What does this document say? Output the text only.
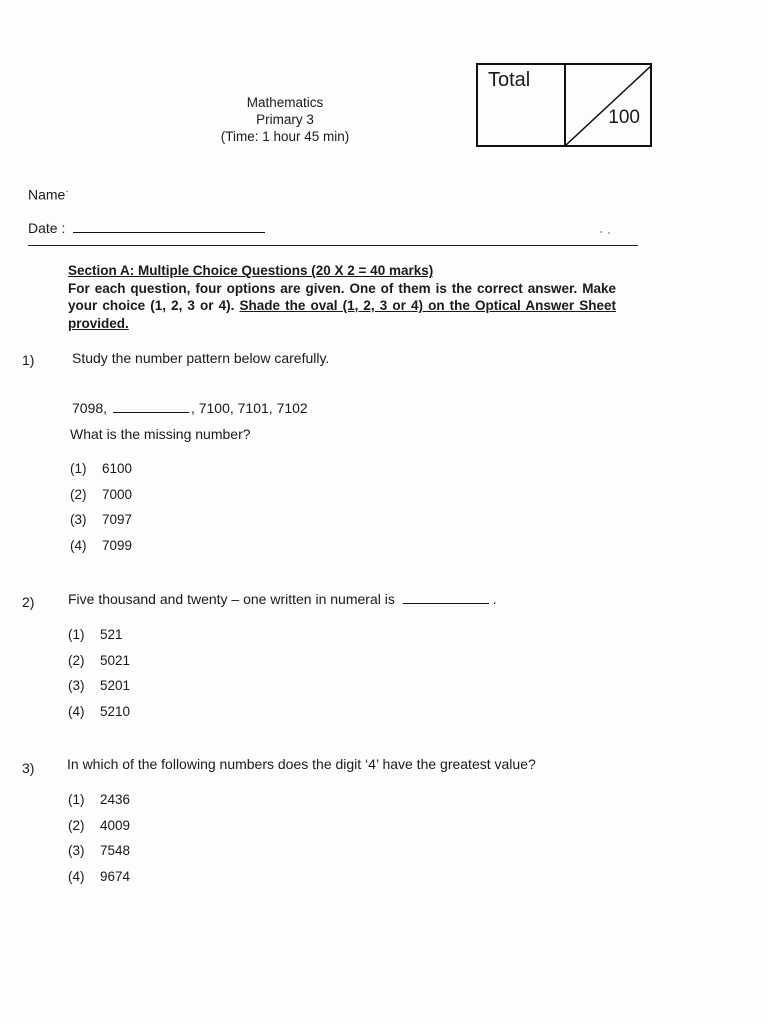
Mathematics
Primary 3
(Time: 1 hour 45 min)
Total
100
Name·
Date :
Section A: Multiple Choice Questions (20 X 2 = 40 marks)
For each question, four options are given. One of them is the correct answer. Make your choice (1, 2, 3 or 4). Shade the oval (1, 2, 3 or 4) on the Optical Answer Sheet provided.
1)	Study the number pattern below carefully.
7098,	, 7100, 7101, 7102
What is the missing number?
(1) 6100
(2) 7000
(3) 7097
(4) 7099
2) Five thousand and twenty – one written in numeral is	.
(1) 521
(2) 5021
(3) 5201
(4) 5210
3) In which of the following numbers does the digit ‘4’ have the greatest value?
(1) 2436
(2) 4009
(3) 7548
(4) 9674
